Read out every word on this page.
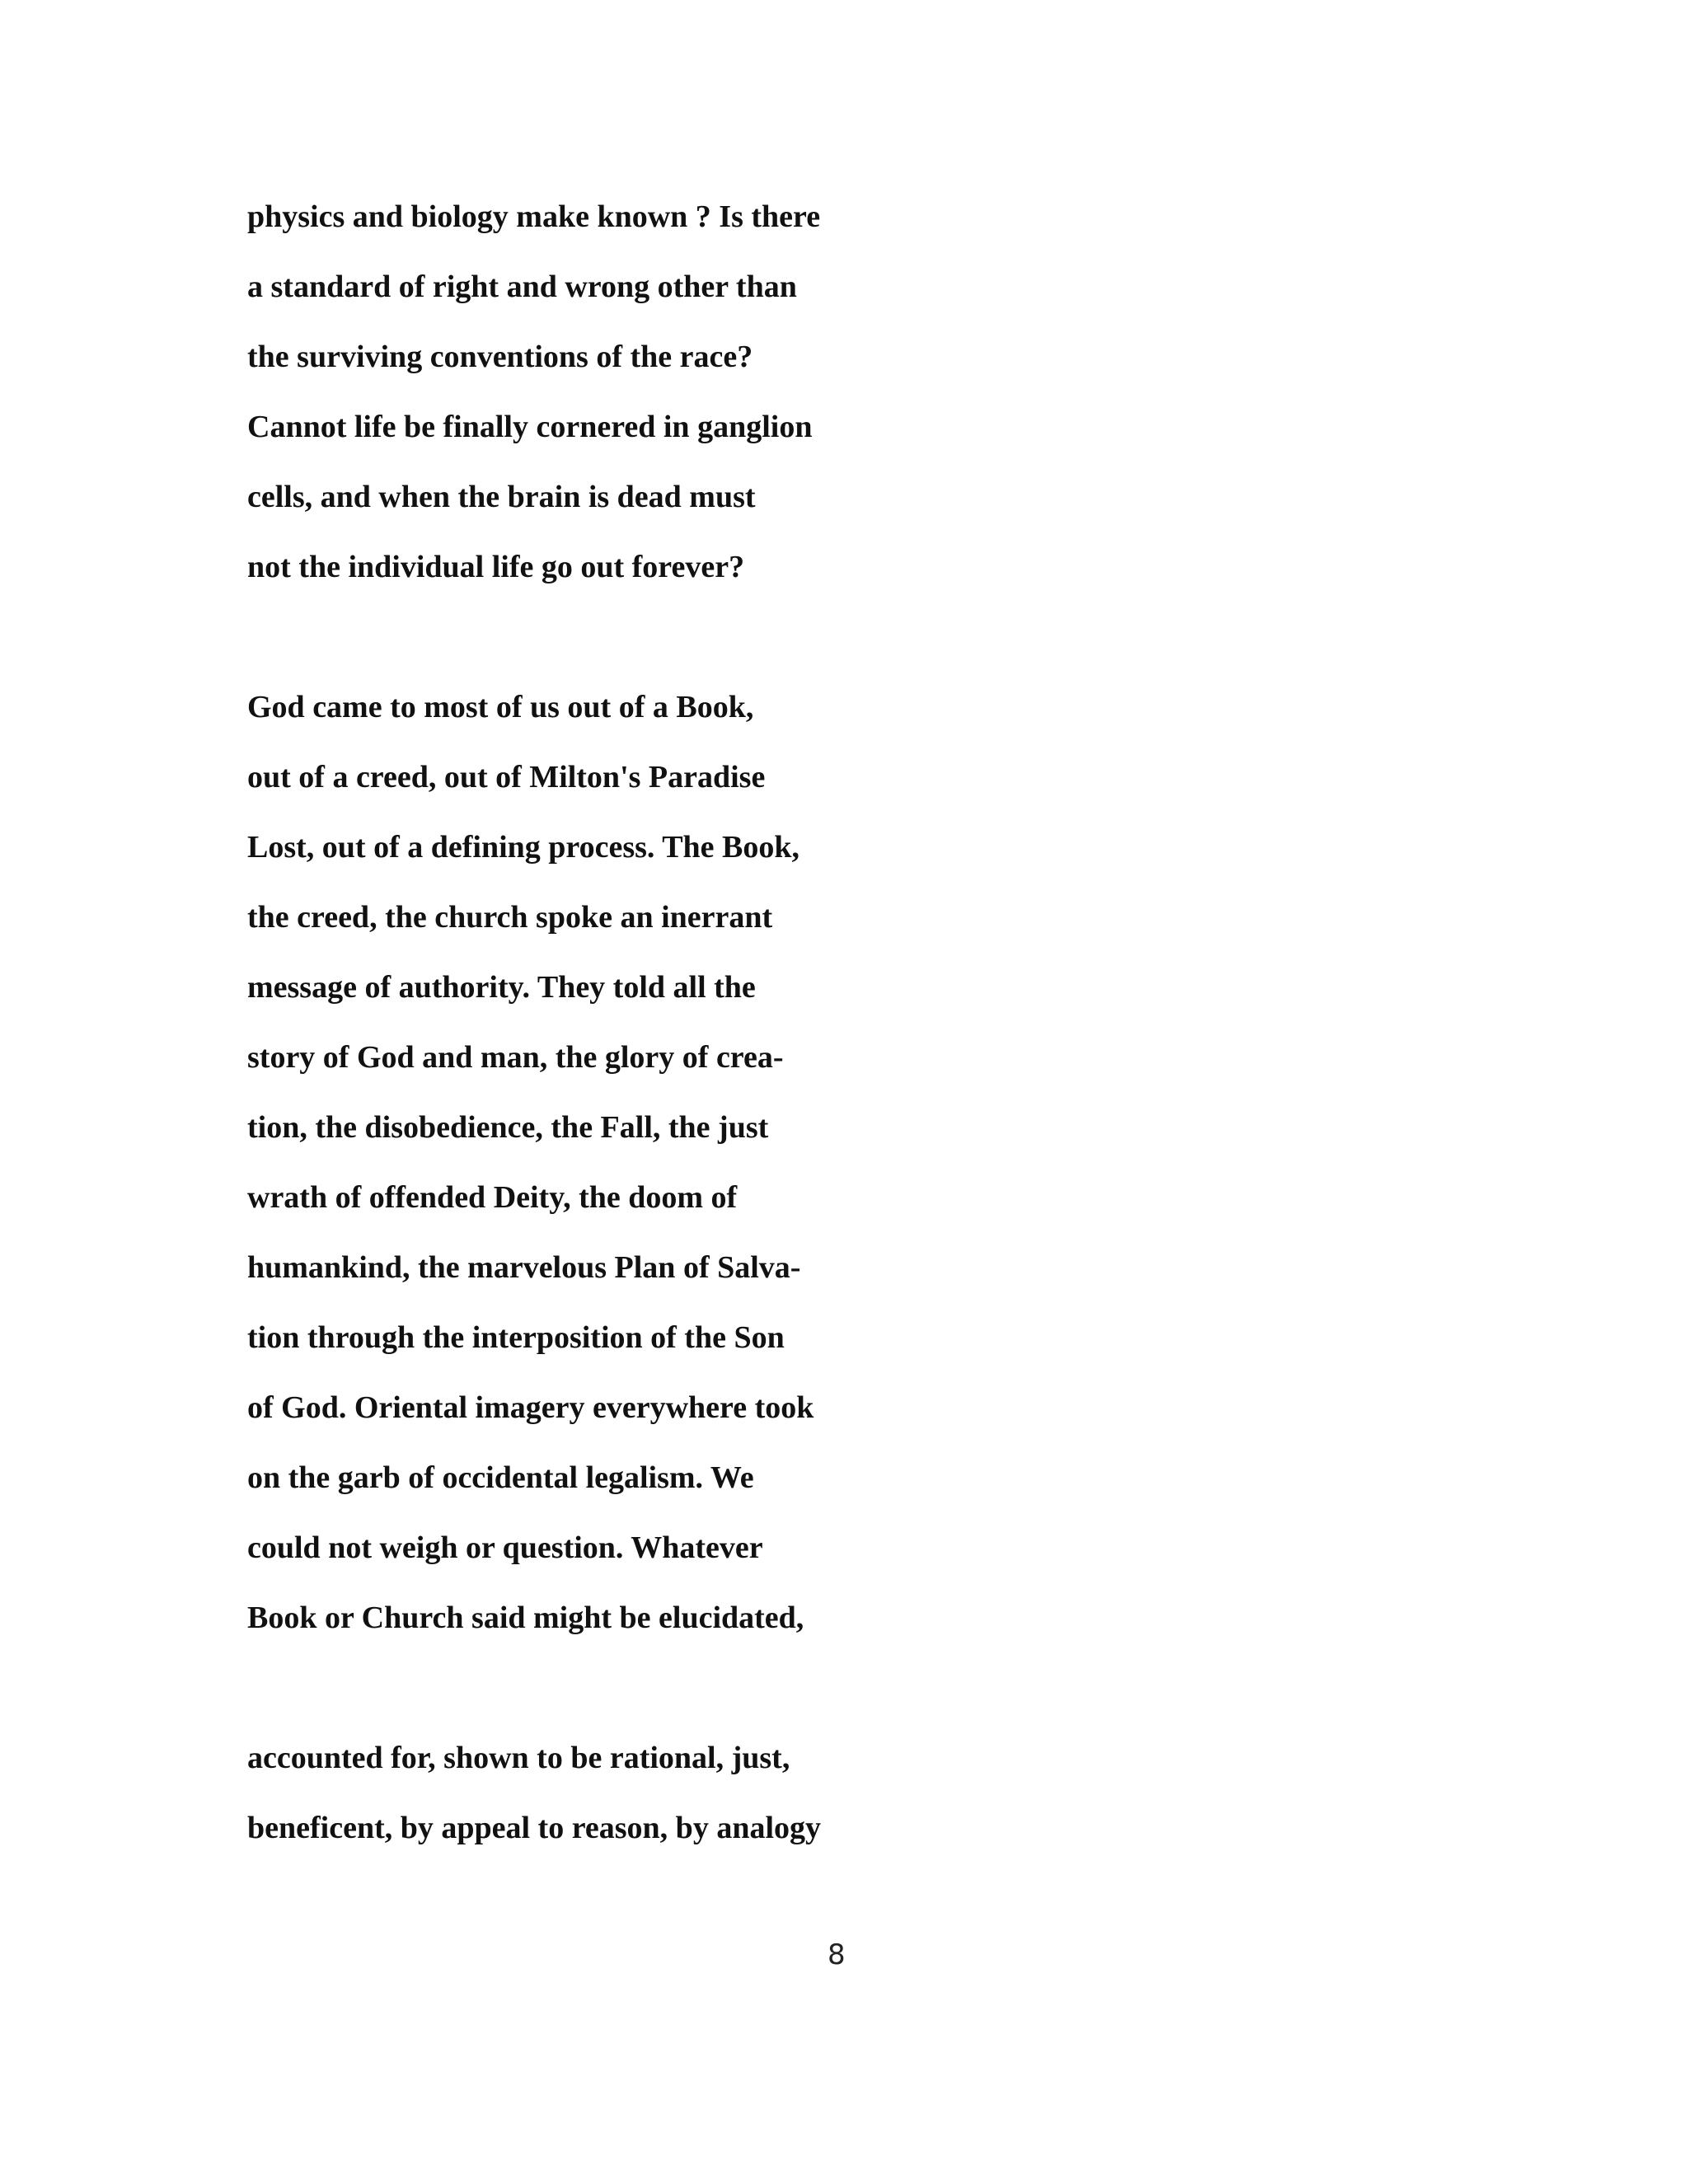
physics and biology make known ? Is there
a standard of right and wrong other than
the surviving conventions of the race?
Cannot life be finally cornered in ganglion
cells, and when the brain is dead must
not the individual life go out forever?
God came to most of us out of a Book,
out of a creed, out of Milton's Paradise
Lost, out of a defining process. The Book,
the creed, the church spoke an inerrant
message of authority. They told all the
story of God and man, the glory of crea-
tion, the disobedience, the Fall, the just
wrath of offended Deity, the doom of
humankind, the marvelous Plan of Salva-
tion through the interposition of the Son
of God. Oriental imagery everywhere took
on the garb of occidental legalism. We
could not weigh or question. Whatever
Book or Church said might be elucidated,
accounted for, shown to be rational, just,
beneficent, by appeal to reason, by analogy
8
